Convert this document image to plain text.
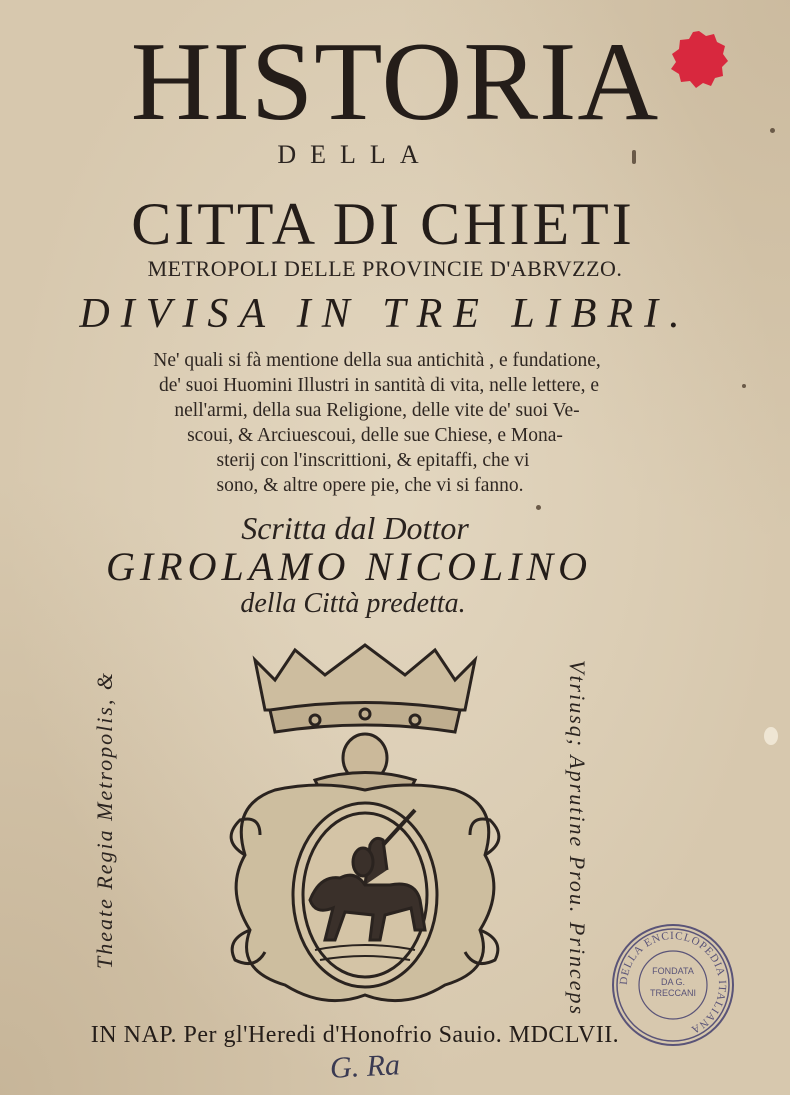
HISTORIA
DELLA
CITTA DI CHIETI
METROPOLI DELLE PROVINCIE D'ABRVZZO.
DIVISA IN TRE LIBRI.
Ne' quali si fà mentione della sua antichità , e fundatione,
de' suoi Huomini Illustri in santità di vita, nelle lettere, e
nell'armi, della sua Religione, delle vite de' suoi Ve-
scoui, & Arciuescoui, delle sue Chiese, e Mona-
sterij con l'inscrittioni, & epitaffi, che vi
sono, & altre opere pie, che vi si fanno.
Scritta dal Dottor
GIROLAMO NICOLINO
della Città predetta.
Theate Regia Metropolis, &	Vtriusq; Aprutine Prou. Princeps
IN NAP. Per gl'Heredi d'Honofrio Sauio. MDCLVII.
G. Ra
DELLA ENCICLOPEDIA ITALIANA
FONDATA
DA G.
TRECCANI
